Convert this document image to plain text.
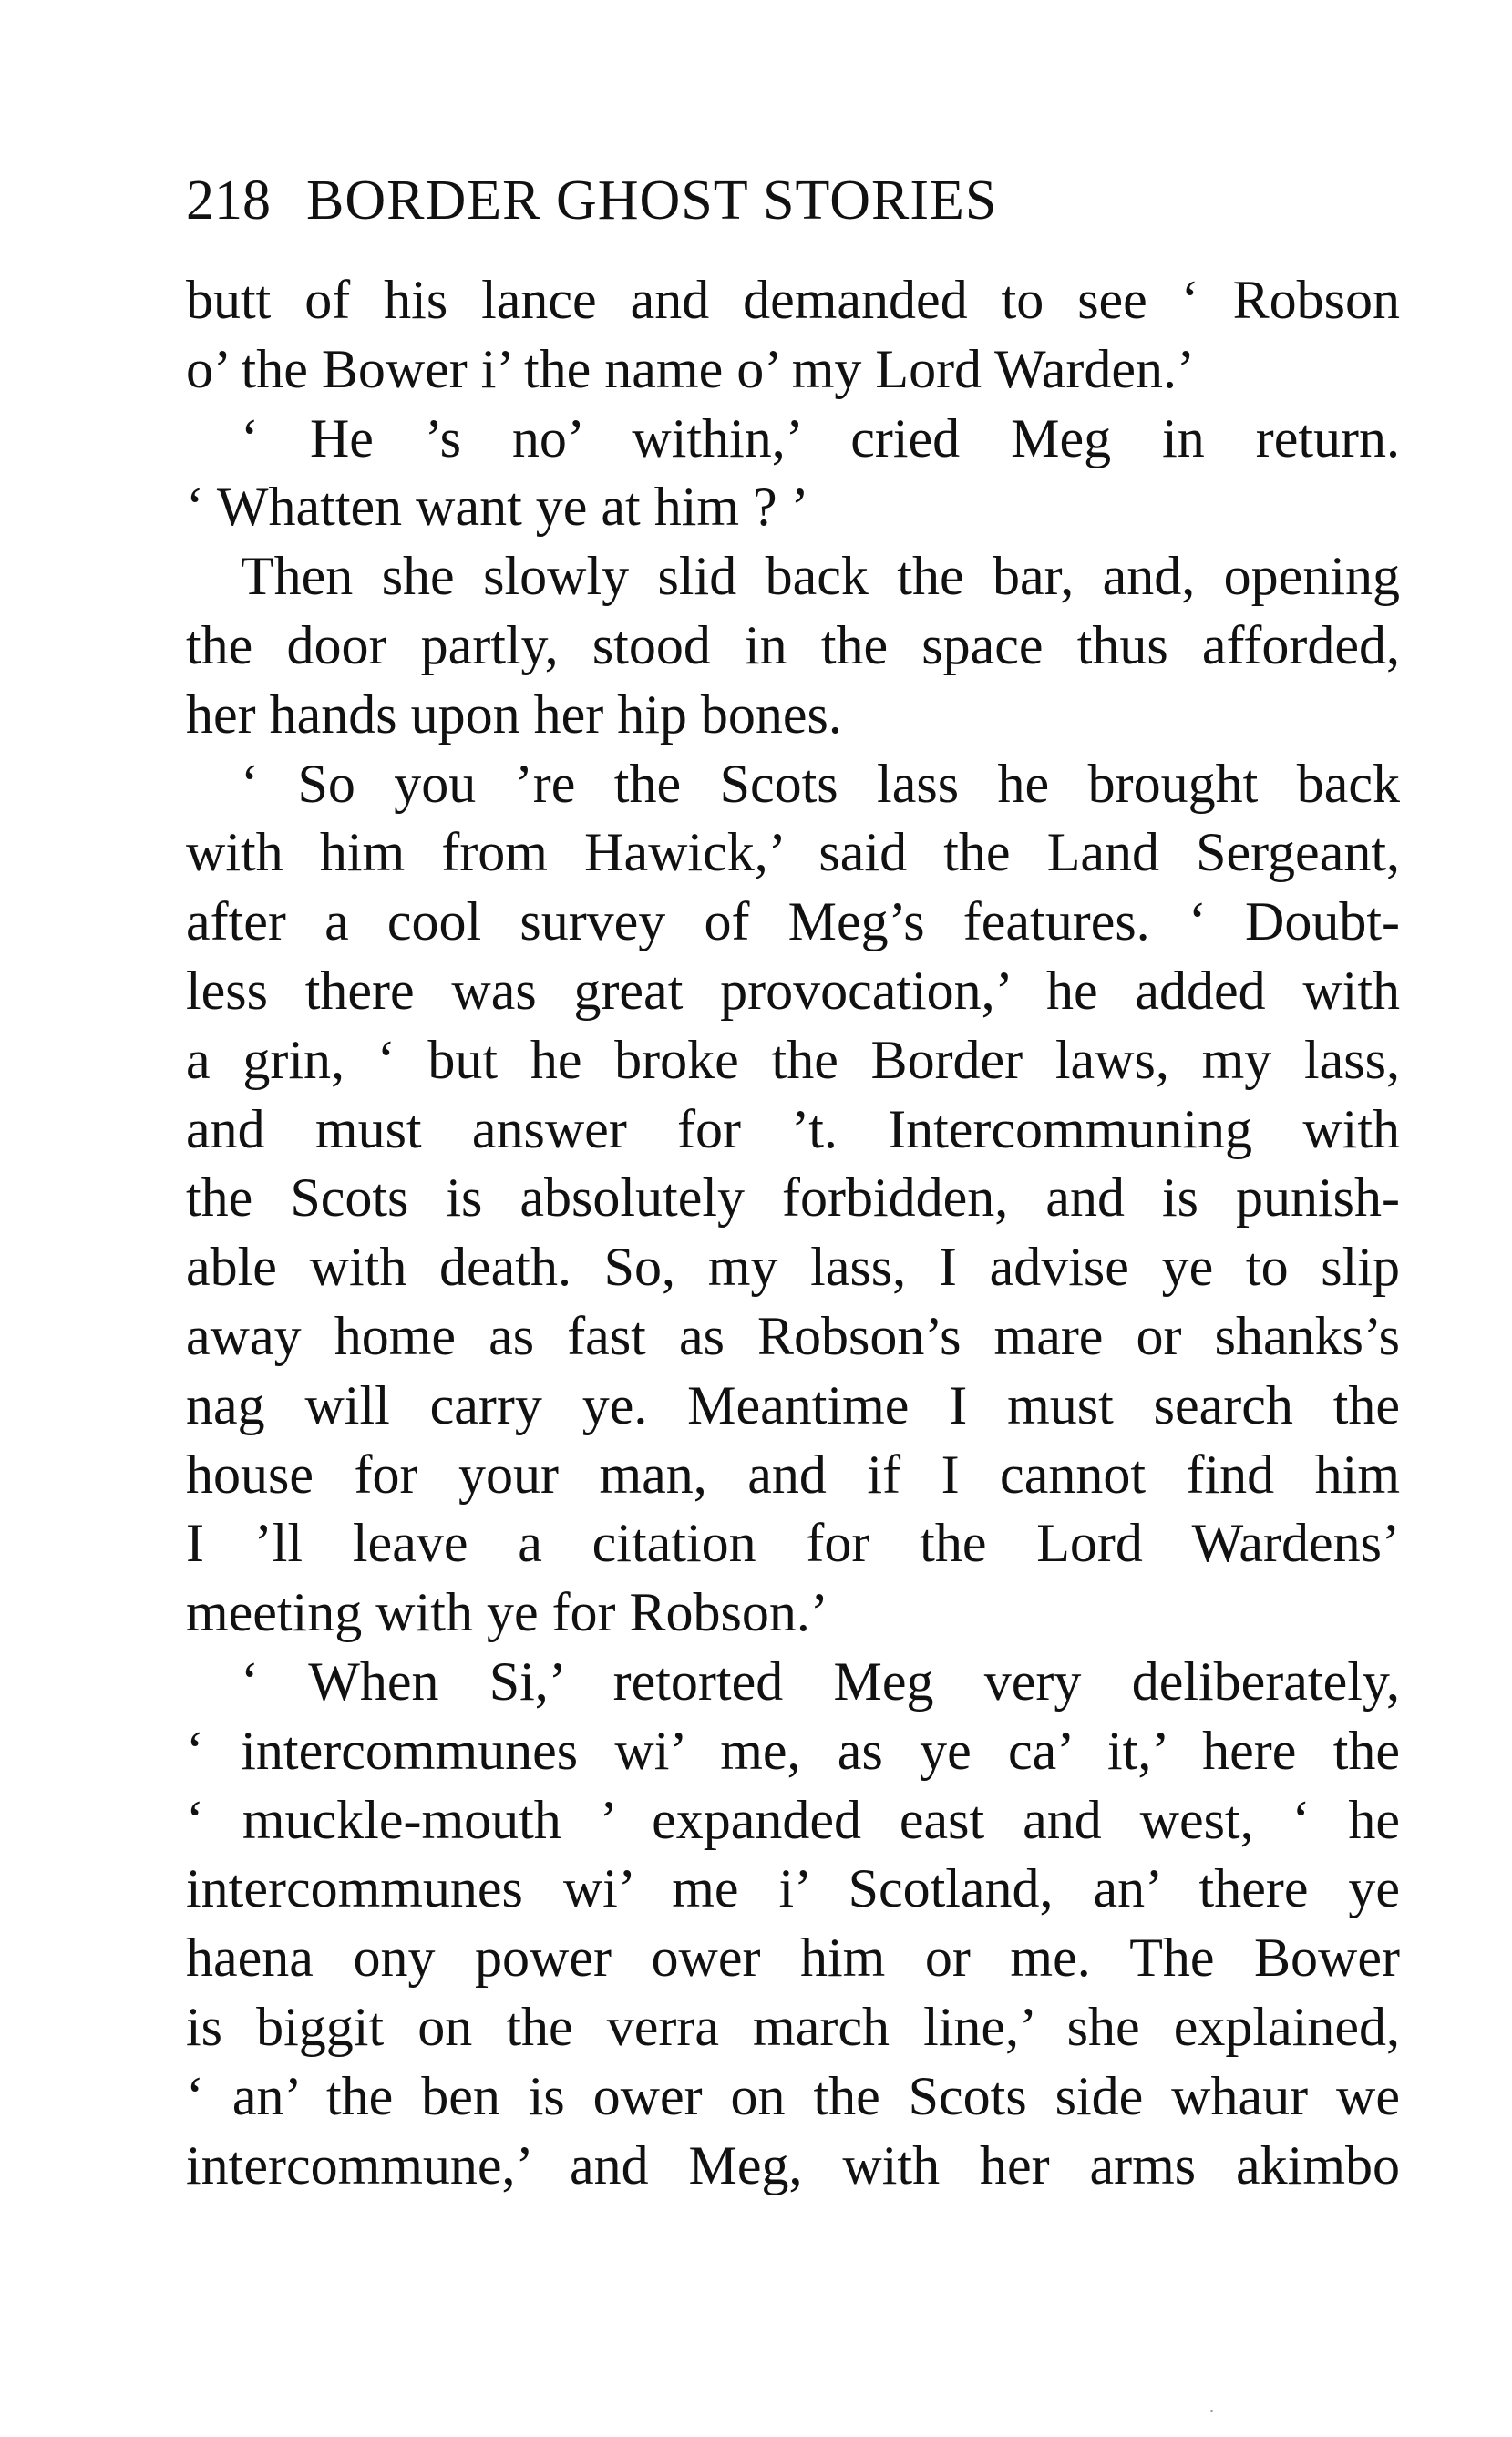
218 BORDER GHOST STORIES
butt of his lance and demanded to see ‘ Robson
o’ the Bower i’ the name o’ my Lord Warden.’
‘ He ’s no’ within,’ cried Meg in return.
‘ Whatten want ye at him ? ’
Then she slowly slid back the bar, and, opening
the door partly, stood in the space thus afforded,
her hands upon her hip bones.
‘ So you ’re the Scots lass he brought back
with him from Hawick,’ said the Land Sergeant,
after a cool survey of Meg’s features. ‘ Doubt-
less there was great provocation,’ he added with
a grin, ‘ but he broke the Border laws, my lass,
and must answer for ’t. Intercommuning with
the Scots is absolutely forbidden, and is punish-
able with death. So, my lass, I advise ye to slip
away home as fast as Robson’s mare or shanks’s
nag will carry ye. Meantime I must search the
house for your man, and if I cannot find him
I ’ll leave a citation for the Lord Wardens’
meeting with ye for Robson.’
‘ When Si,’ retorted Meg very deliberately,
‘ intercommunes wi’ me, as ye ca’ it,’ here the
‘ muckle-mouth ’ expanded east and west, ‘ he
intercommunes wi’ me i’ Scotland, an’ there ye
haena ony power ower him or me. The Bower
is biggit on the verra march line,’ she explained,
‘ an’ the ben is ower on the Scots side whaur we
intercommune,’ and Meg, with her arms akimbo
